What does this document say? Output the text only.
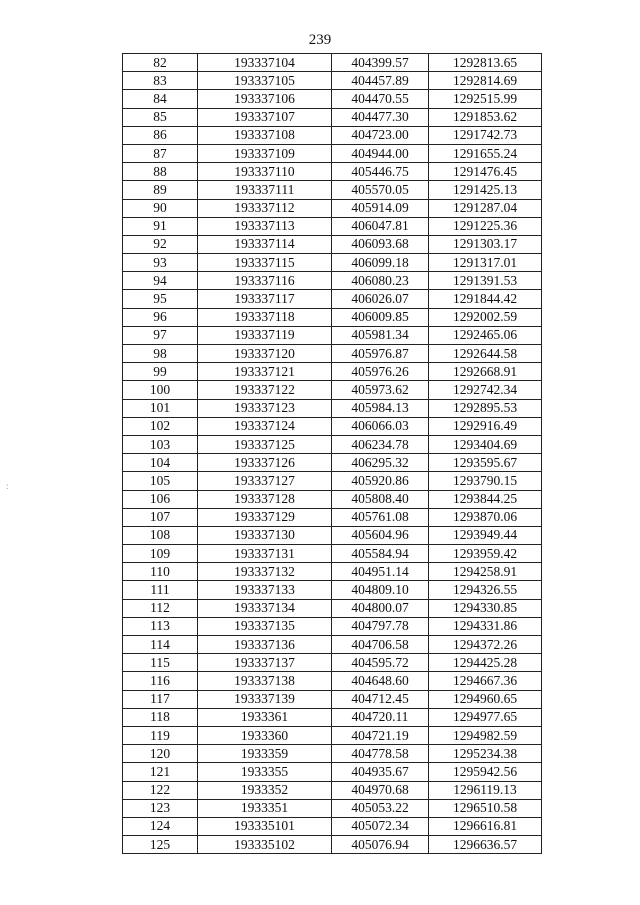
239
:
82	193337104	404399.57	1292813.65
83	193337105	404457.89	1292814.69
84	193337106	404470.55	1292515.99
85	193337107	404477.30	1291853.62
86	193337108	404723.00	1291742.73
87	193337109	404944.00	1291655.24
88	193337110	405446.75	1291476.45
89	193337111	405570.05	1291425.13
90	193337112	405914.09	1291287.04
91	193337113	406047.81	1291225.36
92	193337114	406093.68	1291303.17
93	193337115	406099.18	1291317.01
94	193337116	406080.23	1291391.53
95	193337117	406026.07	1291844.42
96	193337118	406009.85	1292002.59
97	193337119	405981.34	1292465.06
98	193337120	405976.87	1292644.58
99	193337121	405976.26	1292668.91
100	193337122	405973.62	1292742.34
101	193337123	405984.13	1292895.53
102	193337124	406066.03	1292916.49
103	193337125	406234.78	1293404.69
104	193337126	406295.32	1293595.67
105	193337127	405920.86	1293790.15
106	193337128	405808.40	1293844.25
107	193337129	405761.08	1293870.06
108	193337130	405604.96	1293949.44
109	193337131	405584.94	1293959.42
110	193337132	404951.14	1294258.91
111	193337133	404809.10	1294326.55
112	193337134	404800.07	1294330.85
113	193337135	404797.78	1294331.86
114	193337136	404706.58	1294372.26
115	193337137	404595.72	1294425.28
116	193337138	404648.60	1294667.36
117	193337139	404712.45	1294960.65
118	1933361	404720.11	1294977.65
119	1933360	404721.19	1294982.59
120	1933359	404778.58	1295234.38
121	1933355	404935.67	1295942.56
122	1933352	404970.68	1296119.13
123	1933351	405053.22	1296510.58
124	193335101	405072.34	1296616.81
125	193335102	405076.94	1296636.57
